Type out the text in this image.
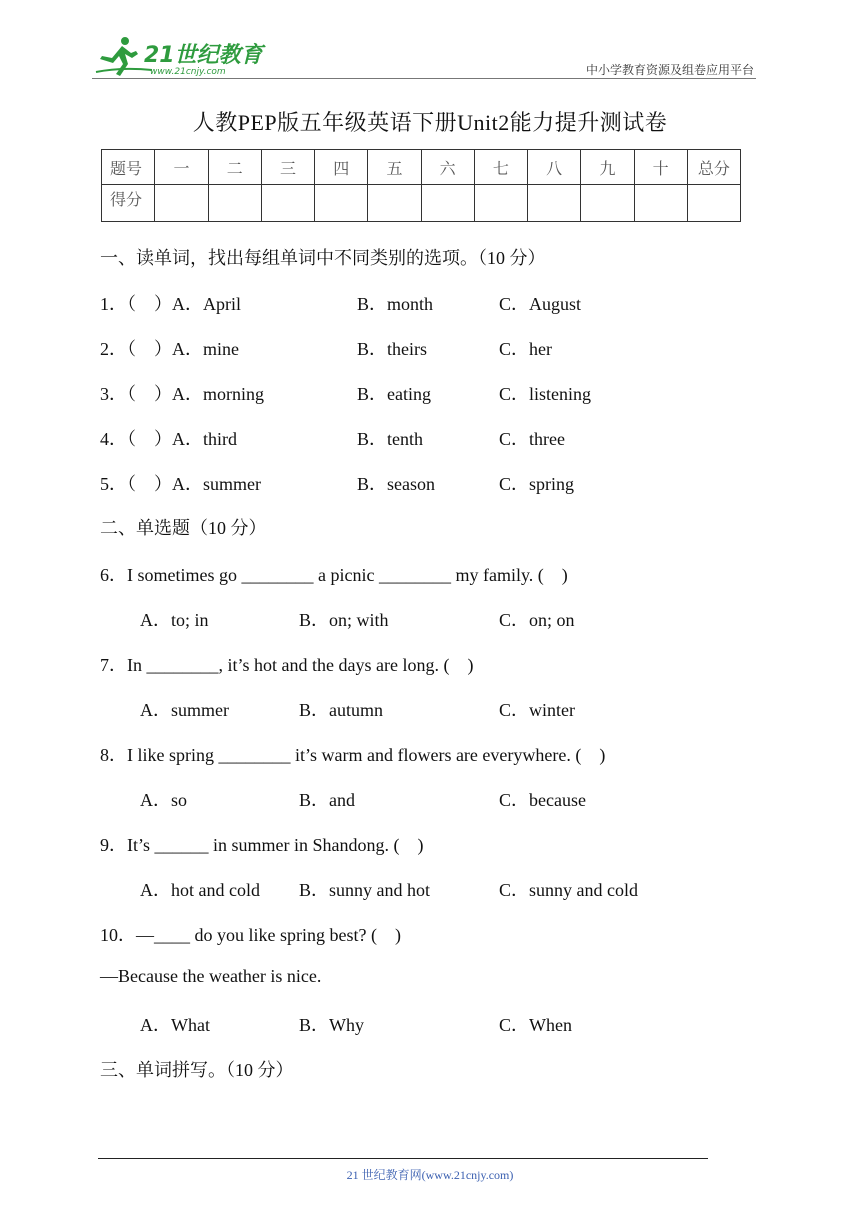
21世纪教育
www.21cnjy.com	中小学教育资源及组卷应用平台
人教PEP版五年级英语下册Unit2能力提升测试卷
题号	一	二	三	四	五	六	七	八	九	十	总分
得分											
一、读单词，找出每组单词中不同类别的选项。（10 分）
1．（　）A．April	B．month	C．August
2．（　）A．mine	B．theirs	C．her
3．（　）A．morning	B．eating	C．listening
4．（　）A．third	B．tenth	C．three
5．（　）A．summer	B．season	C．spring
二、单选题（10 分）
6．I sometimes go ________ a picnic ________ my family. (　)
A．to; in	B．on; with	C．on; on
7．In ________, it’s hot and the days are long. (　)
A．summer	B．autumn	C．winter
8．I like spring ________ it’s warm and flowers are everywhere. (　)
A．so	B．and	C．because
9．It’s ______ in summer in Shandong. (　)
A．hot and cold B．sunny and hot	C．sunny and cold
10．—____ do you like spring best? (　)
—Because the weather is nice.
A．What	B．Why	C．When
三、单词拼写。（10 分）
21 世纪教育网(www.21cnjy.com)
